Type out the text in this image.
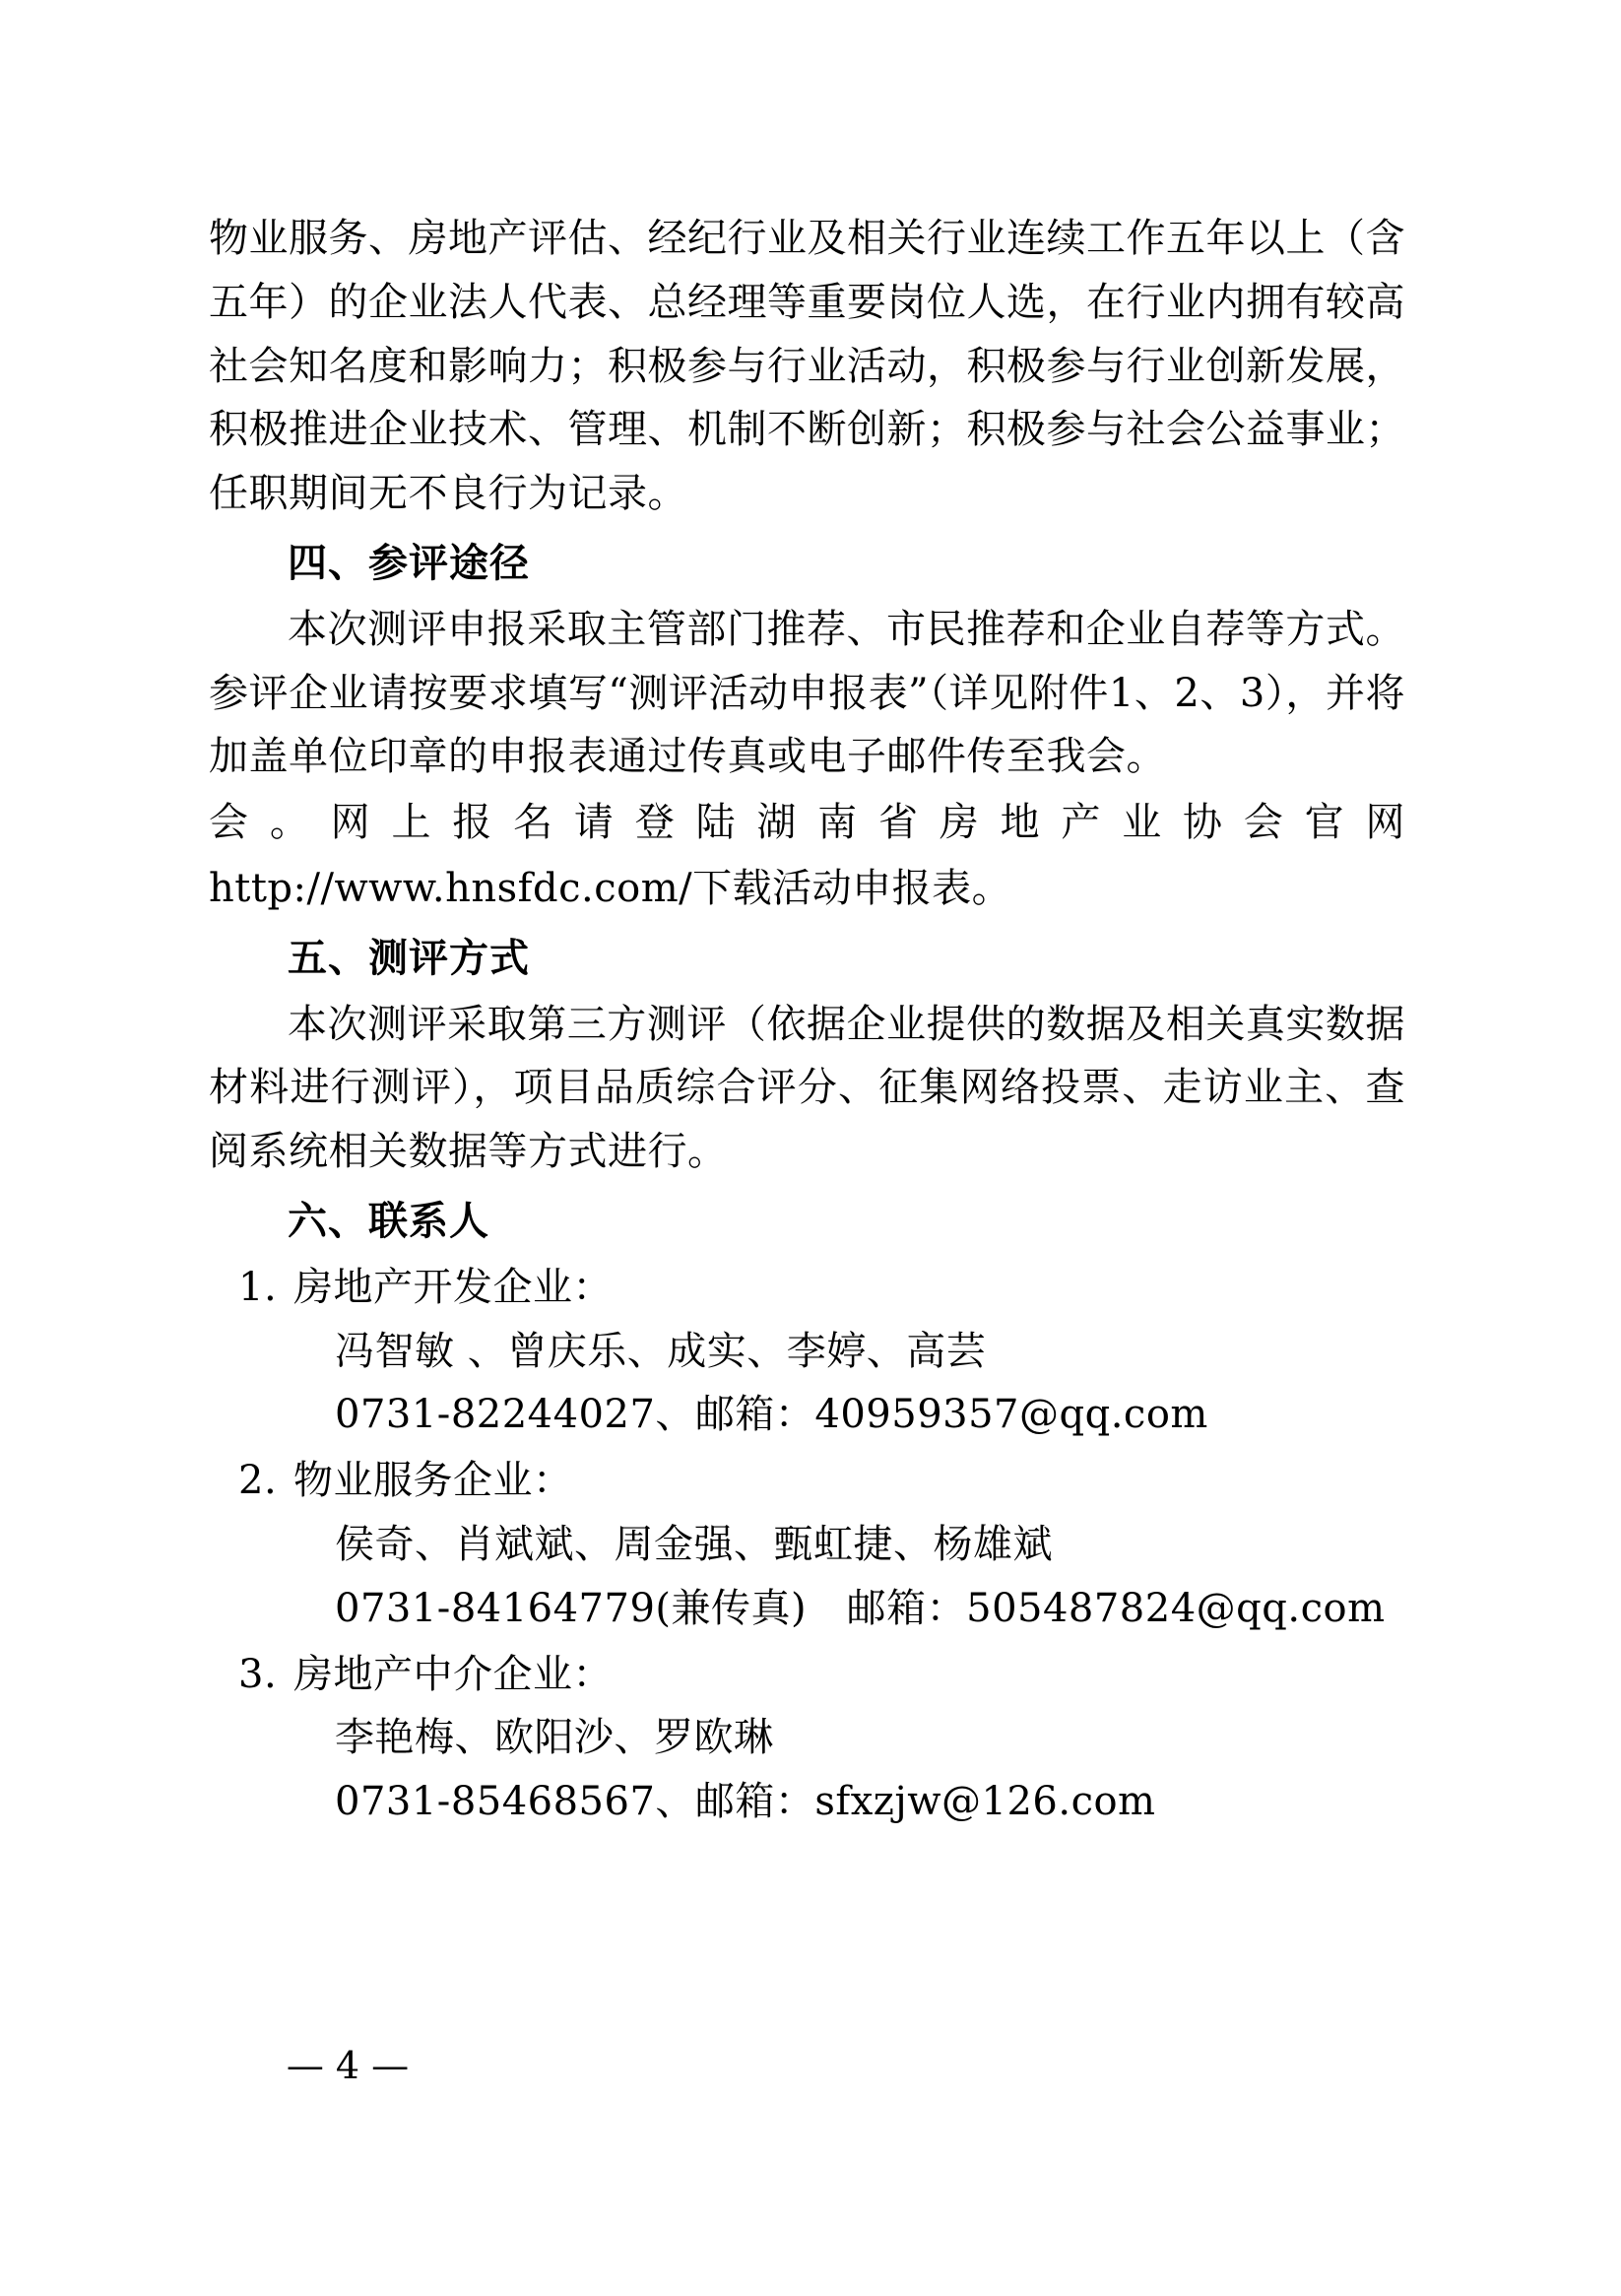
物业服务、房地产评估、经纪行业及相关行业连续工作五年以上（含五年）的企业法人代表、总经理等重要岗位人选，在行业内拥有较高社会知名度和影响力；积极参与行业活动，积极参与行业创新发展，积极推进企业技术、管理、机制不断创新；积极参与社会公益事业；任职期间无不良行为记录。

四、参评途径

本次测评申报采取主管部门推荐、市民推荐和企业自荐等方式。参评企业请按要求填写“测评活动申报表”（详见附件1、2、3），并将加盖单位印章的申报表通过传真或电子邮件传至我会。

会 。 网 上 报 名 请 登 陆 湖 南 省 房 地 产 业 协 会 官 网

http://www.hnsfdc.com/下载活动申报表。

五、测评方式

本次测评采取第三方测评（依据企业提供的数据及相关真实数据材料进行测评），项目品质综合评分、征集网络投票、走访业主、查阅系统相关数据等方式进行。

六、联系人

1. 房地产开发企业：

冯智敏 、曾庆乐、成实、李婷、高芸

0731-82244027、邮箱：40959357@qq.com

2. 物业服务企业：

侯奇、肖斌斌、周金强、甄虹捷、杨雄斌

0731-84164779(兼传真)　邮箱：505487824@qq.com

3. 房地产中介企业：

李艳梅、欧阳沙、罗欧琳

0731-85468567、邮箱：sfxzjw@126.com

— 4 —
